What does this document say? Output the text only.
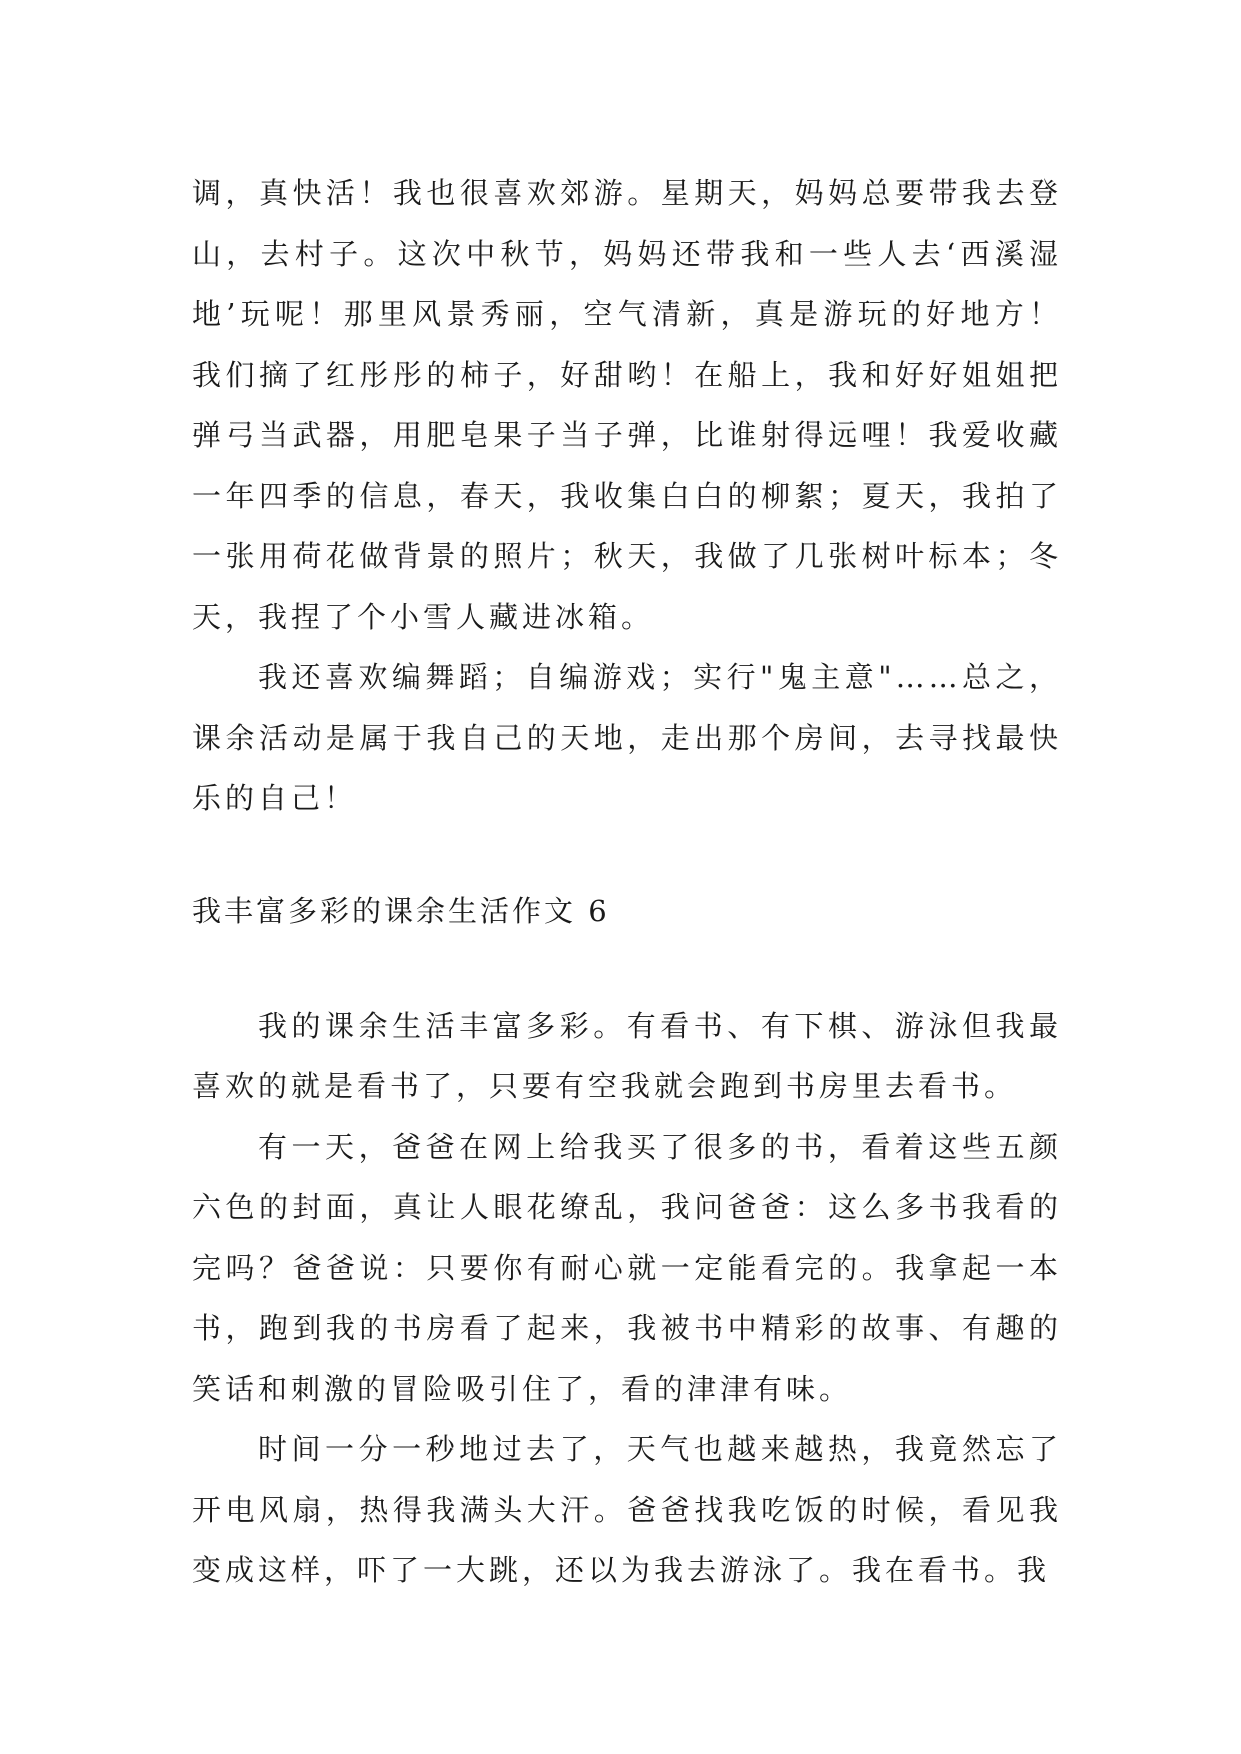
调，真快活！我也很喜欢郊游。星期天，妈妈总要带我去登山，去村子。这次中秋节，妈妈还带我和一些人去‘西溪湿地’玩呢！那里风景秀丽，空气清新，真是游玩的好地方！我们摘了红彤彤的柿子，好甜哟！在船上，我和好好姐姐把弹弓当武器，用肥皂果子当子弹，比谁射得远哩！我爱收藏一年四季的信息，春天，我收集白白的柳絮；夏天，我拍了一张用荷花做背景的照片；秋天，我做了几张树叶标本；冬天，我捏了个小雪人藏进冰箱。

我还喜欢编舞蹈；自编游戏；实行"鬼主意"……总之，课余活动是属于我自己的天地，走出那个房间，去寻找最快乐的自己！

我丰富多彩的课余生活作文 6

我的课余生活丰富多彩。有看书、有下棋、游泳但我最喜欢的就是看书了，只要有空我就会跑到书房里去看书。

有一天，爸爸在网上给我买了很多的书，看着这些五颜六色的封面，真让人眼花缭乱，我问爸爸：这么多书我看的完吗？爸爸说：只要你有耐心就一定能看完的。我拿起一本书，跑到我的书房看了起来，我被书中精彩的故事、有趣的笑话和刺激的冒险吸引住了，看的津津有味。

时间一分一秒地过去了，天气也越来越热，我竟然忘了开电风扇，热得我满头大汗。爸爸找我吃饭的时候，看见我变成这样，吓了一大跳，还以为我去游泳了。我在看书。我
